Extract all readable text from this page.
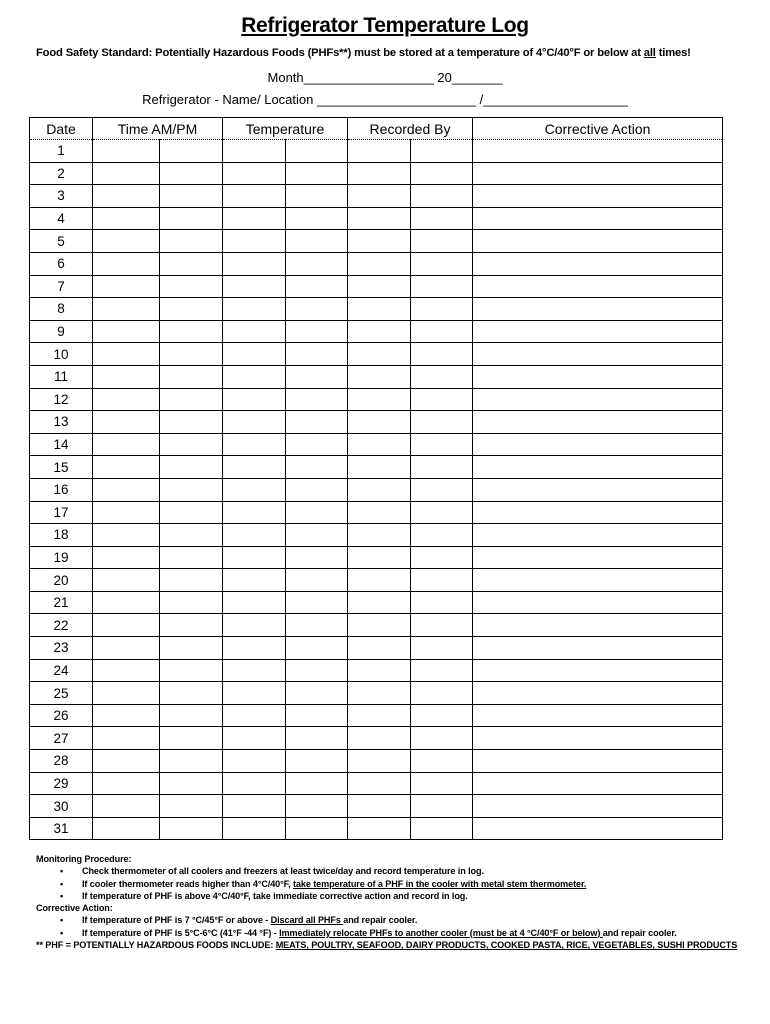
Refrigerator Temperature Log
Food Safety Standard: Potentially Hazardous Foods (PHFs**) must be stored at a temperature of 4°C/40°F or below at all times!
Month__________________ 20_______
Refrigerator - Name/ Location ______________________ /____________________
Date	Time AM/PM		Temperature		Recorded By		Corrective Action
1							
2							
3							
4							
5							
6							
7							
8							
9							
10							
11							
12							
13							
14							
15							
16							
17							
18							
19							
20							
21							
22							
23							
24							
25							
26							
27							
28							
29							
30							
31							
Monitoring Procedure:
• Check thermometer of all coolers and freezers at least twice/day and record temperature in log.
• If cooler thermometer reads higher than 4°C/40°F, take temperature of a PHF in the cooler with metal stem thermometer.
• If temperature of PHF is above 4°C/40°F, take immediate corrective action and record in log.
Corrective Action:
• If temperature of PHF is 7 °C/45°F or above - Discard all PHFs and repair cooler.
• If temperature of PHF is 5°C-6°C (41°F -44 °F) - Immediately relocate PHFs to another cooler (must be at 4 °C/40°F or below) and repair cooler.
** PHF = POTENTIALLY HAZARDOUS FOODS INCLUDE: MEATS, POULTRY, SEAFOOD, DAIRY PRODUCTS, COOKED PASTA, RICE, VEGETABLES, SUSHI PRODUCTS
